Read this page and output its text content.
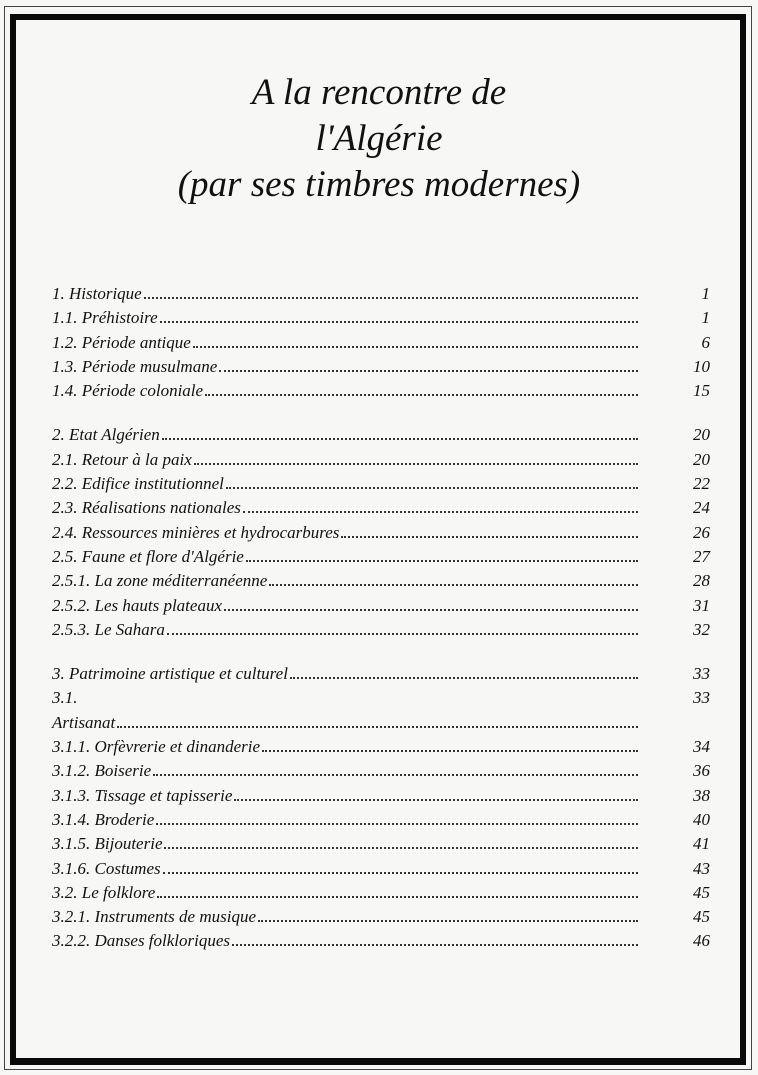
A la rencontre de
l'Algérie
(par ses timbres modernes)
1. Historique	1
1.1. Préhistoire	1
1.2. Période antique	6
1.3. Période musulmane	10
1.4. Période coloniale	15
2. Etat Algérien	20
2.1. Retour à la paix	20
2.2. Edifice institutionnel	22
2.3. Réalisations nationales	24
2.4. Ressources minières et hydrocarbures	26
2.5. Faune et flore d'Algérie	27
2.5.1. La zone méditerranéenne	28
2.5.2. Les hauts plateaux	31
2.5.3. Le Sahara	32
3. Patrimoine artistique et culturel	33
3.1.	33
Artisanat
3.1.1. Orfèvrerie et dinanderie	34
3.1.2. Boiserie	36
3.1.3. Tissage et tapisserie	38
3.1.4. Broderie	40
3.1.5. Bijouterie	41
3.1.6. Costumes	43
3.2. Le folklore	45
3.2.1. Instruments de musique	45
3.2.2. Danses folkloriques	46
